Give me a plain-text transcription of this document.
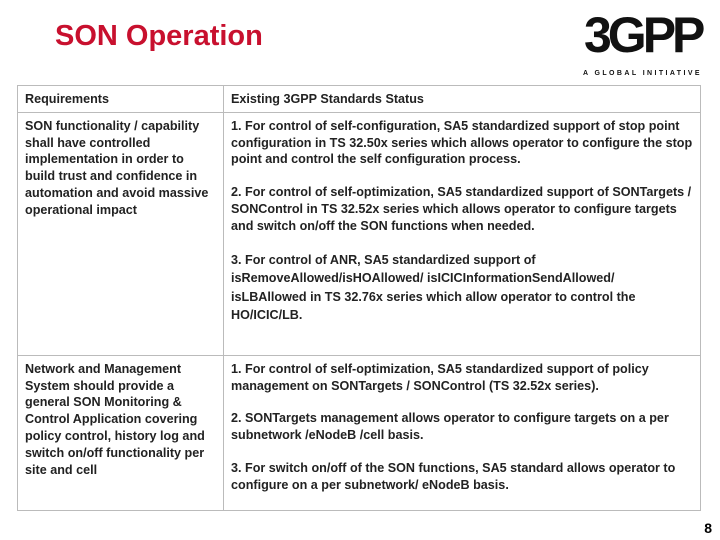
SON Operation	3GPP
A GLOBAL INITIATIVE
Requirements	Existing 3GPP Standards Status
SON functionality / capability shall have controlled implementation in order to build trust and confidence in automation and avoid massive operational impact	1. For control of self-configuration, SA5 standardized support of stop point configuration in TS 32.50x series which allows operator to configure the stop point and control the self configuration process.

2. For control of self-optimization, SA5 standardized support of SONTargets / SONControl in TS 32.52x series which allows operator to configure targets and switch on/off the SON functions when needed.

3. For control of ANR, SA5 standardized support of isRemoveAllowed/isHOAllowed/ isICICInformationSendAllowed/ isLBAllowed in TS 32.76x series which allow operator to control the HO/ICIC/LB.

Network and Management System should provide a general SON Monitoring & Control Application covering policy control, history log and switch on/off functionality per site and cell	1. For control of self-optimization, SA5 standardized support of policy management on SONTargets / SONControl (TS 32.52x series).

2. SONTargets management allows operator to configure targets on a per subnetwork /eNodeB /cell basis.

3. For switch on/off of the SON functions, SA5 standard allows operator to configure on a per subnetwork/ eNodeB basis.

8
